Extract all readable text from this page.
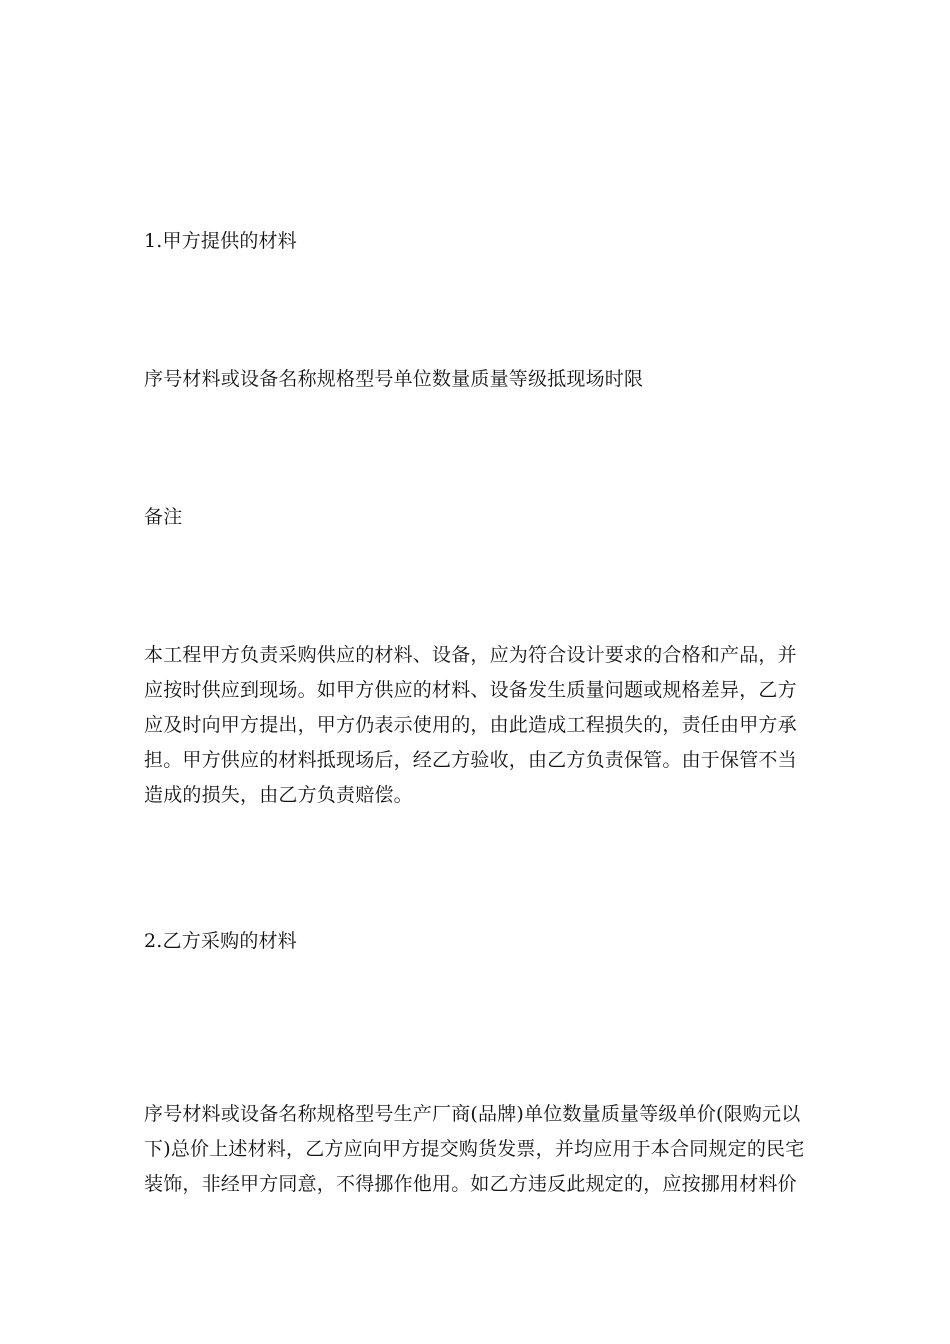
1.甲方提供的材料

序号材料或设备名称规格型号单位数量质量等级抵现场时限

备注

本工程甲方负责采购供应的材料、设备，应为符合设计要求的合格和产品，并
应按时供应到现场。如甲方供应的材料、设备发生质量问题或规格差异，乙方
应及时向甲方提出，甲方仍表示使用的，由此造成工程损失的，责任由甲方承
担。甲方供应的材料抵现场后，经乙方验收，由乙方负责保管。由于保管不当
造成的损失，由乙方负责赔偿。

2.乙方采购的材料

序号材料或设备名称规格型号生产厂商(品牌)单位数量质量等级单价(限购元以
下)总价上述材料，乙方应向甲方提交购货发票，并均应用于本合同规定的民宅
装饰，非经甲方同意，不得挪作他用。如乙方违反此规定的，应按挪用材料价
